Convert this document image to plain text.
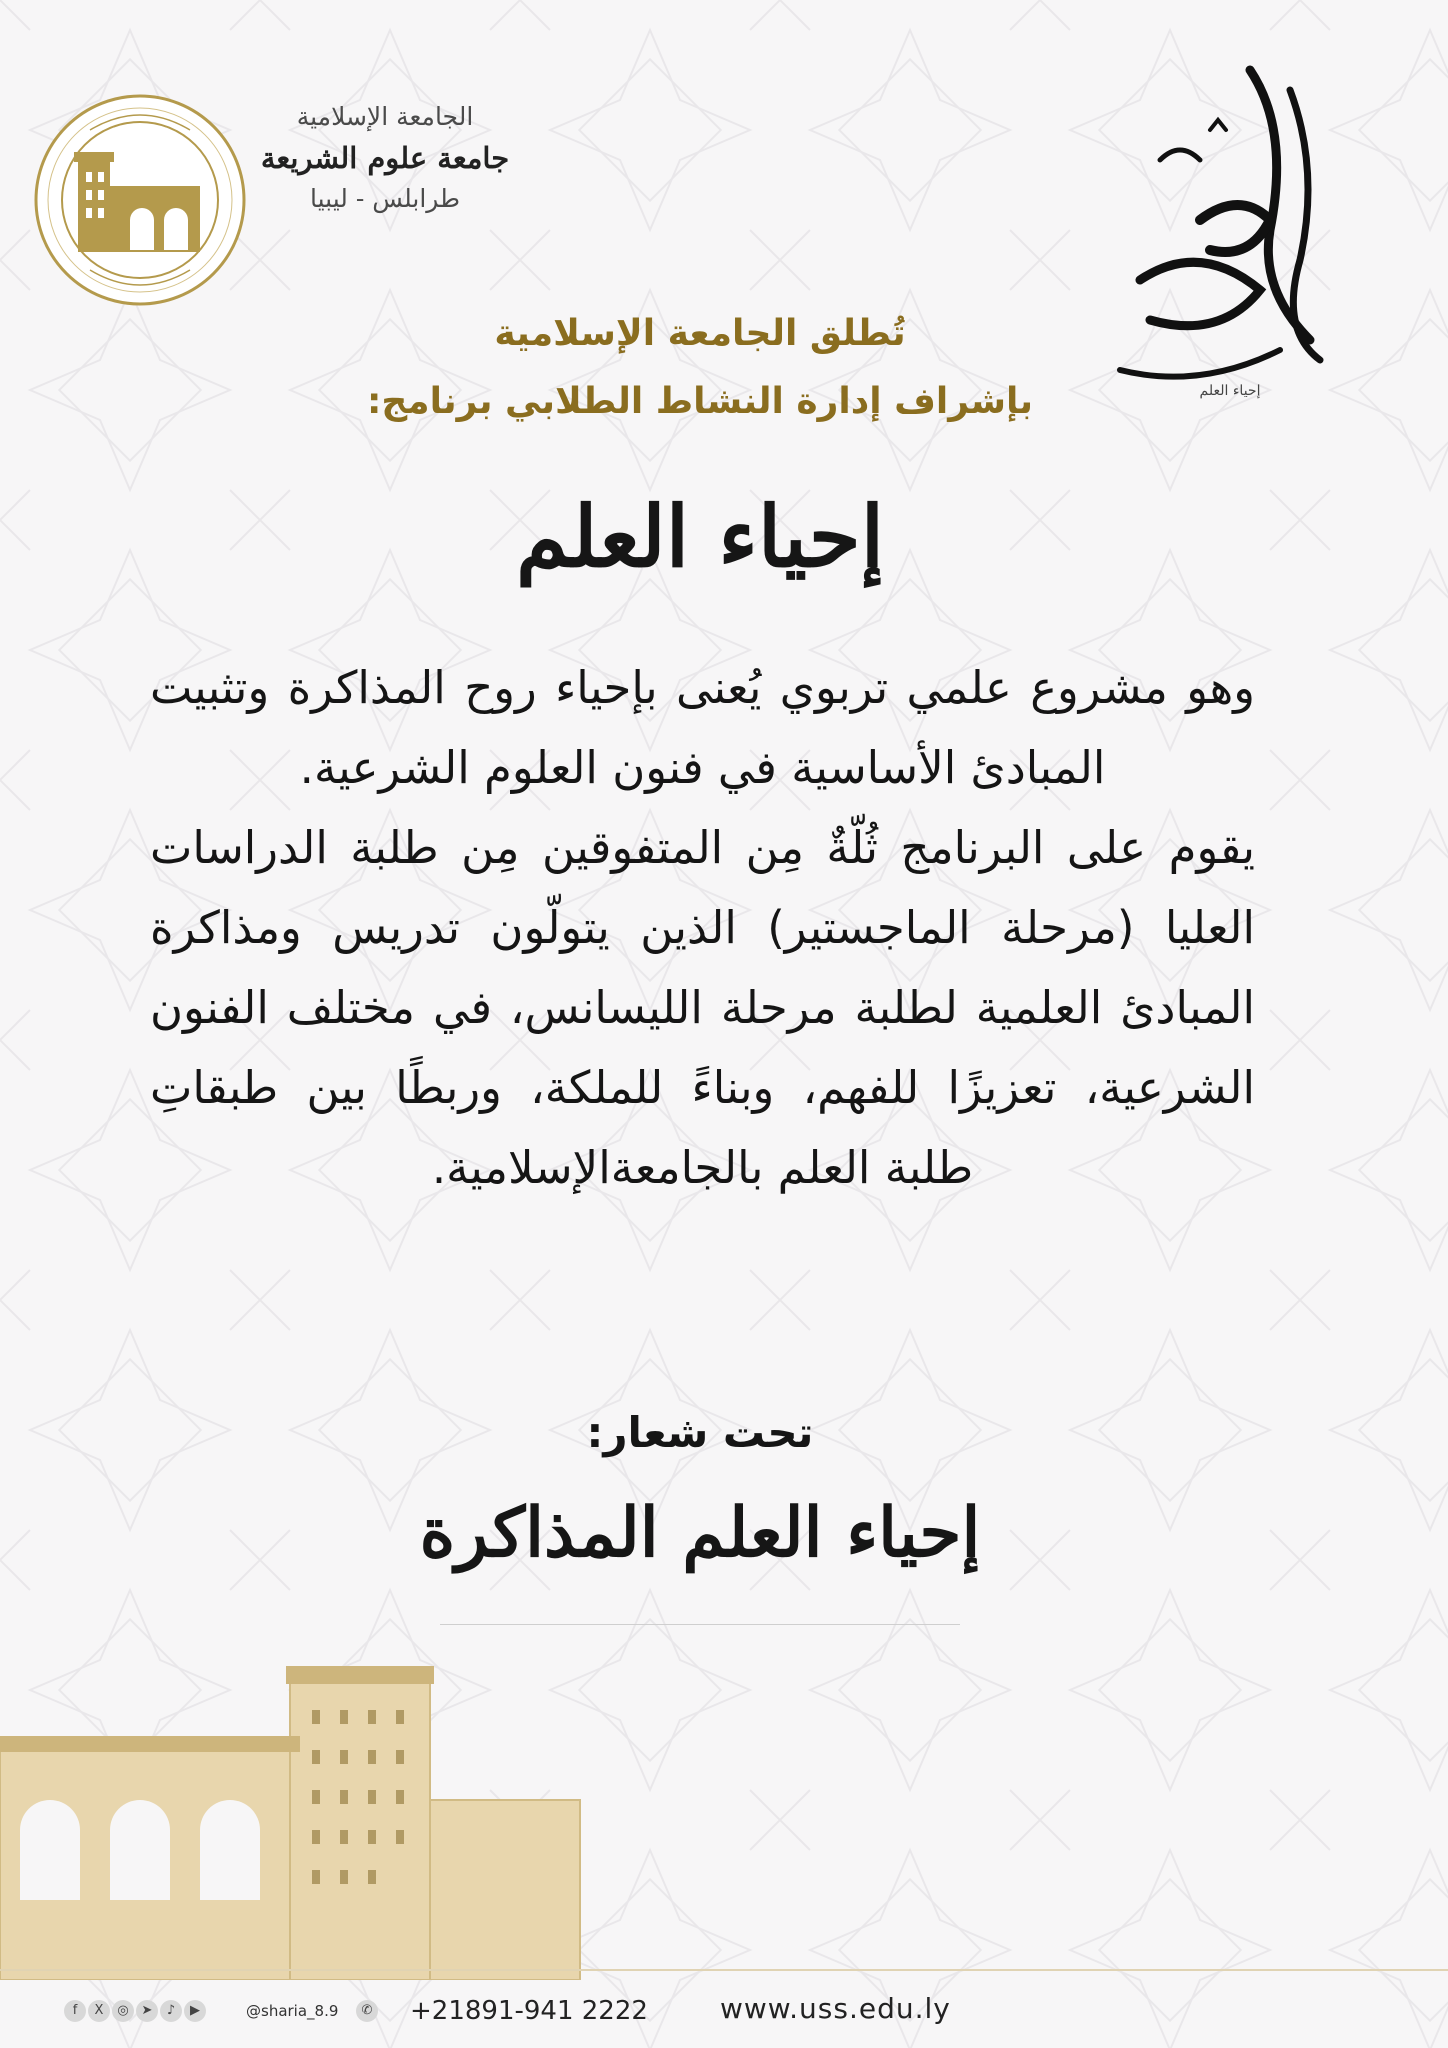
الجامعة الإسلامية
جامعة علوم الشريعة
طرابلس - ليبيا
إحياء العلم
تُطلق الجامعة الإسلامية
بإشراف إدارة النشاط الطلابي برنامج:
إحياء العلم

وهو مشروع علمي تربوي يُعنى بإحياء روح المذاكرة وتثبيت المبادئ الأساسية في فنون العلوم الشرعية.

يقوم على البرنامج ثُلّةٌ مِن المتفوقين مِن طلبة الدراسات العليا (مرحلة الماجستير) الذين يتولّون تدريس ومذاكرة المبادئ العلمية لطلبة مرحلة الليسانس، في مختلف الفنون الشرعية، تعزيزًا للفهم، وبناءً للملكة، وربطًا بين طبقاتِ طلبة العلم بالجامعةالإسلامية.

تحت شعار:
إحياء العلم المذاكرة
f	X	◎ ➤	♪	▶	@sharia_8.9	✆ +21891-941 2222	www.uss.edu.ly
